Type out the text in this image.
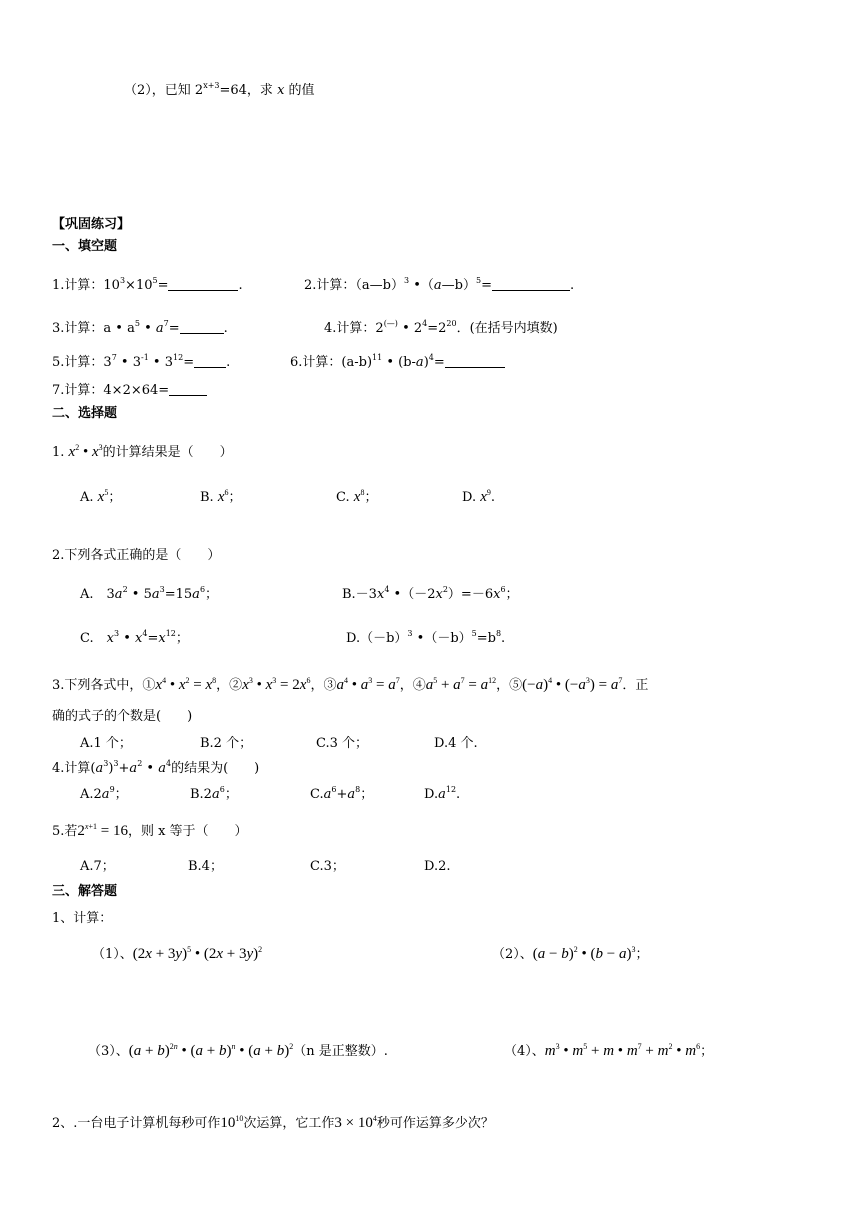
（2），已知 $2^{x+3}=64$，求 x 的值
【巩固练习】
一、填空题
1.计算：$10^3\times 10^5=$	.	2.计算：（a—b）$^3$ •（a—b）$^5$=	.
3.计算：a • $a^5$ • $a^7=$	.	4.计算：2(—) • $2^4=2^{20}$．(在括号内填数)
5.计算：$3^7$ • $3^{-1}$ • $3^{12}=$ .	6.计算：$(a-b)^{11}$ • $(b-a)^4=$
7.计算：4×2×64=
二、选择题
1. $x^2$ • $x^3$的计算结果是（　　）
A. $x^5$；	B. $x^6$；	C. $x^8$；	D. $x^9$.
2.下列各式正确的是（　　）
A.　$3a^2$ • $5a^3=15a^6$；	$B.-3x^4$ $•(-2x^2)=-6x^6$；
C.　$x^3$ • $x^4=x^{12}$；	$D.(-b)^3$ $•(-b)^5=b^8$.
3.下列各式中，$①x^4$ • $x^2 = x^8$，$②x^3$ • $x^3 = 2x^6$，$③a^4$ • $a^3 = a^7$，$④a^5 + a^7 = a^{12}$，$⑤(-a)^4$ • $(-a^3) = a^7$．正
确的式子的个数是(　　)
A.1 个；	B.2 个；	C.3 个；	D.4 个.
4.计算$(a^3)^3+a^2$ • $a^4$的结果为(　　)
$A.2a^9$；	$B.2a^6$；	$C.a^6+a^8$；	$D.a^{12}$.
5.若$2^{x+1} = 16$，则 x 等于（　　）
A.7；	B.4；	C.3；	D.2.
三、解答题
1、计算：
（1）、$(2x + 3y)^5$ • $(2x + 3y)^2$	（2）、$(a - b)^2$ • $(b - a)^3$；
（3）、$(a + b)^{2n}$ • $(a + b)^n$ • $(a + b)^2(n$ 是正整数）.	（4）、$m^3$ • $m^5 + m$ • $m^7 + m^2$ • $m^6$；
2、.一台电子计算机每秒可作$10^{10}$次运算，它工作$3 \times 10^4$秒可作运算多少次？
